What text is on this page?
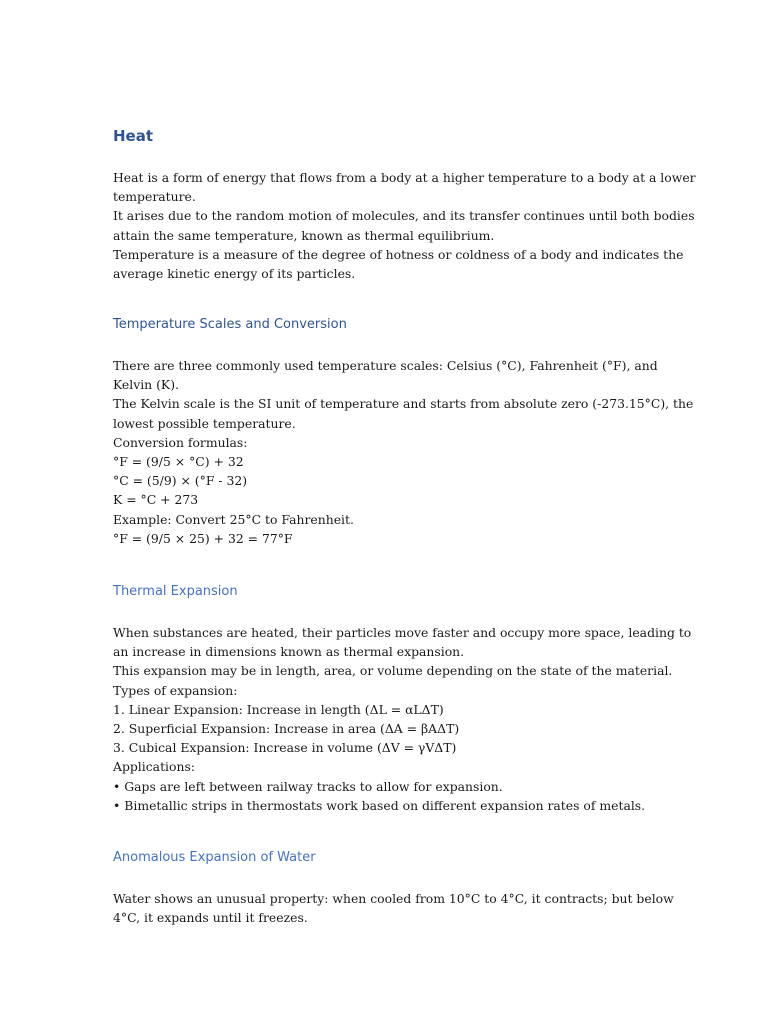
Heat
Heat is a form of energy that flows from a body at a higher temperature to a body at a lower
temperature.
It arises due to the random motion of molecules, and its transfer continues until both bodies
attain the same temperature, known as thermal equilibrium.
Temperature is a measure of the degree of hotness or coldness of a body and indicates the
average kinetic energy of its particles.
Temperature Scales and Conversion
There are three commonly used temperature scales: Celsius (°C), Fahrenheit (°F), and
Kelvin (K).
The Kelvin scale is the SI unit of temperature and starts from absolute zero (-273.15°C), the
lowest possible temperature.
Conversion formulas:
°F = (9/5 × °C) + 32
°C = (5/9) × (°F - 32)
K = °C + 273
Example: Convert 25°C to Fahrenheit.
°F = (9/5 × 25) + 32 = 77°F
Thermal Expansion
When substances are heated, their particles move faster and occupy more space, leading to
an increase in dimensions known as thermal expansion.
This expansion may be in length, area, or volume depending on the state of the material.
Types of expansion:
1. Linear Expansion: Increase in length (ΔL = αLΔT)
2. Superficial Expansion: Increase in area (ΔA = βAΔT)
3. Cubical Expansion: Increase in volume (ΔV = γVΔT)
Applications:
• Gaps are left between railway tracks to allow for expansion.
• Bimetallic strips in thermostats work based on different expansion rates of metals.
Anomalous Expansion of Water
Water shows an unusual property: when cooled from 10°C to 4°C, it contracts; but below
4°C, it expands until it freezes.
